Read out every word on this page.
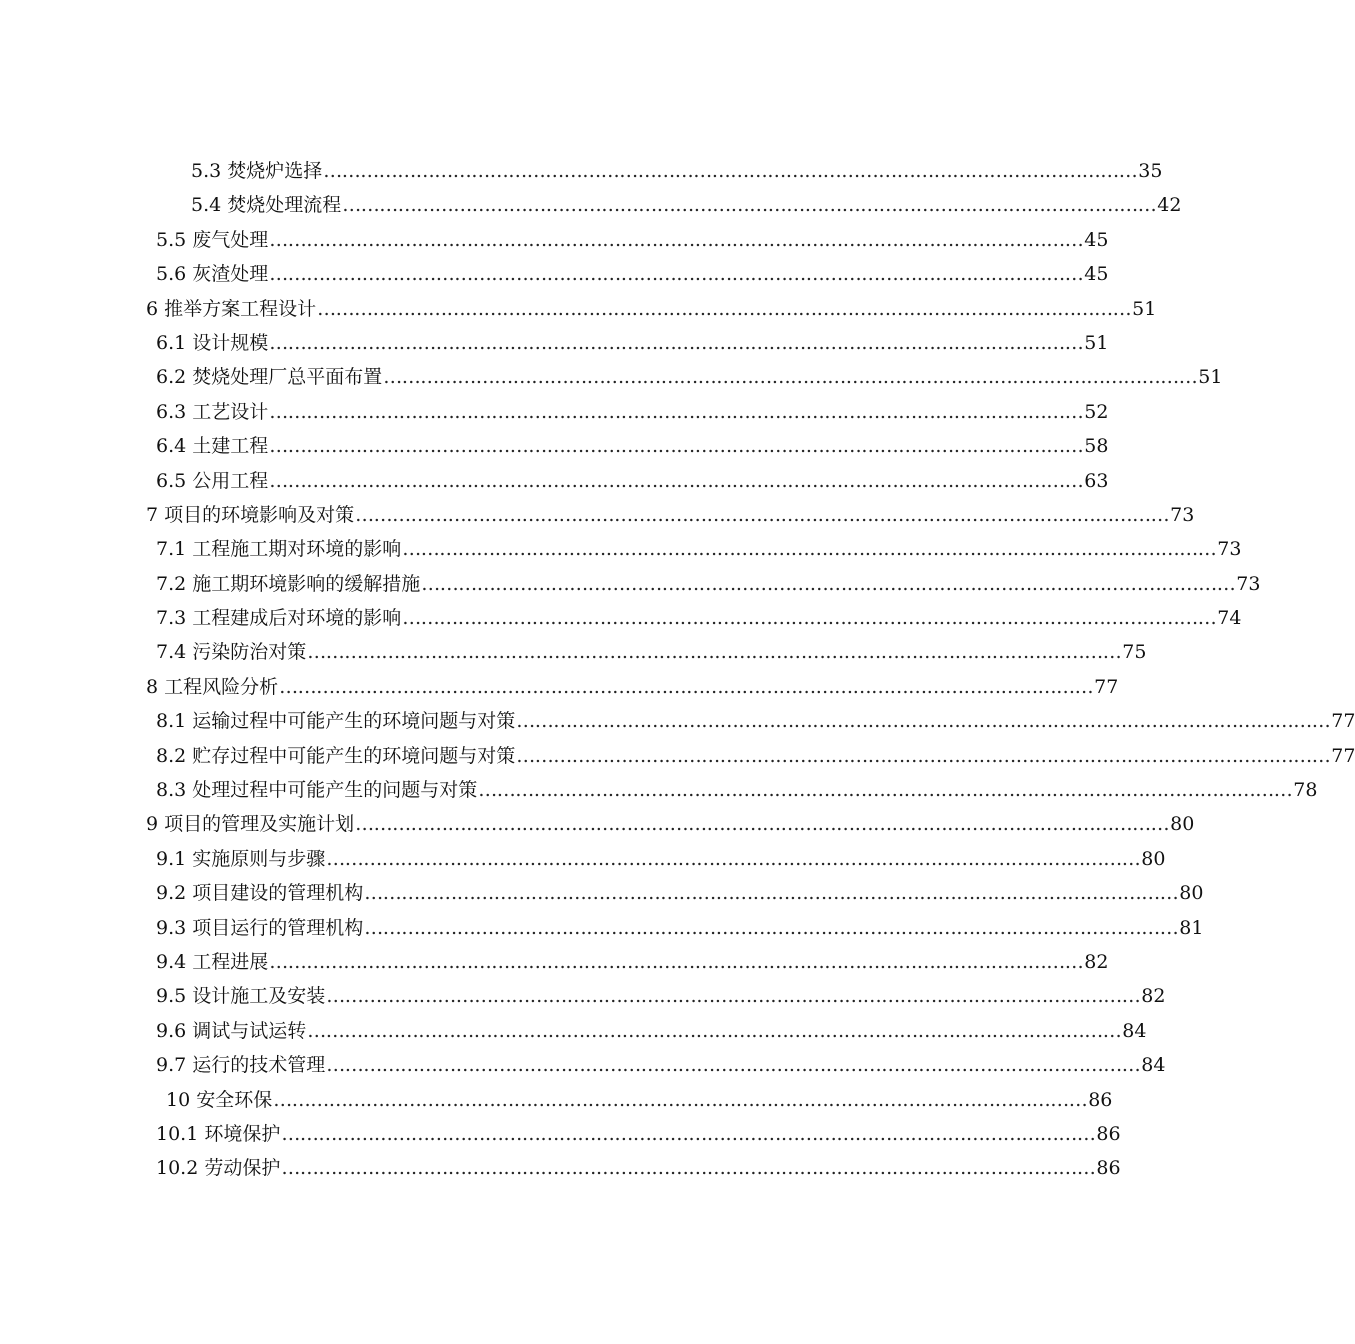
5.3 焚烧炉选择 …………………………………………………………………………………………………………………… 35
5.4 焚烧处理流程 …………………………………………………………………………………………………………………… 42
5.5 废气处理 …………………………………………………………………………………………………………………… 45
5.6 灰渣处理 …………………………………………………………………………………………………………………… 45
6 推举方案工程设计 …………………………………………………………………………………………………………………… 51
6.1 设计规模 …………………………………………………………………………………………………………………… 51
6.2 焚烧处理厂总平面布置 …………………………………………………………………………………………………………………… 51
6.3 工艺设计 …………………………………………………………………………………………………………………… 52
6.4 土建工程 …………………………………………………………………………………………………………………… 58
6.5 公用工程 …………………………………………………………………………………………………………………… 63
7 项目的环境影响及对策 …………………………………………………………………………………………………………………… 73
7.1 工程施工期对环境的影响 …………………………………………………………………………………………………………………… 73
7.2 施工期环境影响的缓解措施 …………………………………………………………………………………………………………………… 73
7.3 工程建成后对环境的影响 …………………………………………………………………………………………………………………… 74
7.4 污染防治对策 …………………………………………………………………………………………………………………… 75
8 工程风险分析 …………………………………………………………………………………………………………………… 77
8.1 运输过程中可能产生的环境问题与对策 …………………………………………………………………………………………………………………… 77
8.2 贮存过程中可能产生的环境问题与对策 …………………………………………………………………………………………………………………… 77
8.3 处理过程中可能产生的问题与对策 …………………………………………………………………………………………………………………… 78
9 项目的管理及实施计划 …………………………………………………………………………………………………………………… 80
9.1 实施原则与步骤 …………………………………………………………………………………………………………………… 80
9.2 项目建设的管理机构 …………………………………………………………………………………………………………………… 80
9.3 项目运行的管理机构 …………………………………………………………………………………………………………………… 81
9.4 工程进展 …………………………………………………………………………………………………………………… 82
9.5 设计施工及安装 …………………………………………………………………………………………………………………… 82
9.6 调试与试运转 …………………………………………………………………………………………………………………… 84
9.7 运行的技术管理 …………………………………………………………………………………………………………………… 84
10 安全环保 …………………………………………………………………………………………………………………… 86
10.1 环境保护 …………………………………………………………………………………………………………………… 86
10.2 劳动保护 …………………………………………………………………………………………………………………… 86
